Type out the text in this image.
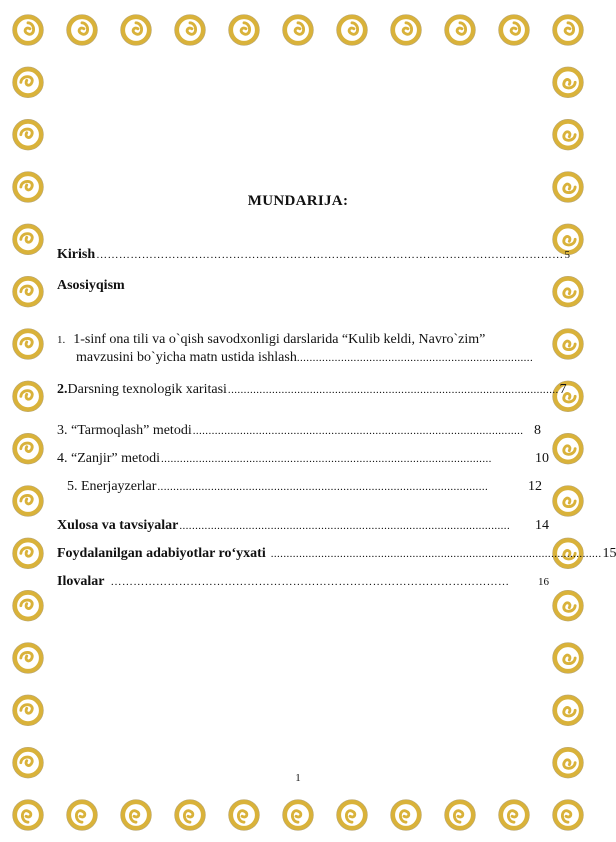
MUNDARIJA:
Kirish …………………………………………………………………………………………………………… 5
Asosiyqism
1. 1-sinf ona tili va o`qish savodxonligi darslarida “Kulib keldi, Navro`zim”
mavzusini bo`yicha matn ustida ishlash ...........................................................................
2.Darsning texnologik xaritasi ......................................................................................................... 7
3. “Tarmoqlash” metodi ......................................................................................................... 8
4. “Zanjir” metodi .........................................................................................................	10
5. Enerjayzerlar .........................................................................................................	12
Xulosa va tavsiyalar .........................................................................................................	14
Foydalanilgan adabiyotlar ro‘yxati ......................................................................................................... 15
Ilovalar ……………………………………………………………………………………………	16
1
